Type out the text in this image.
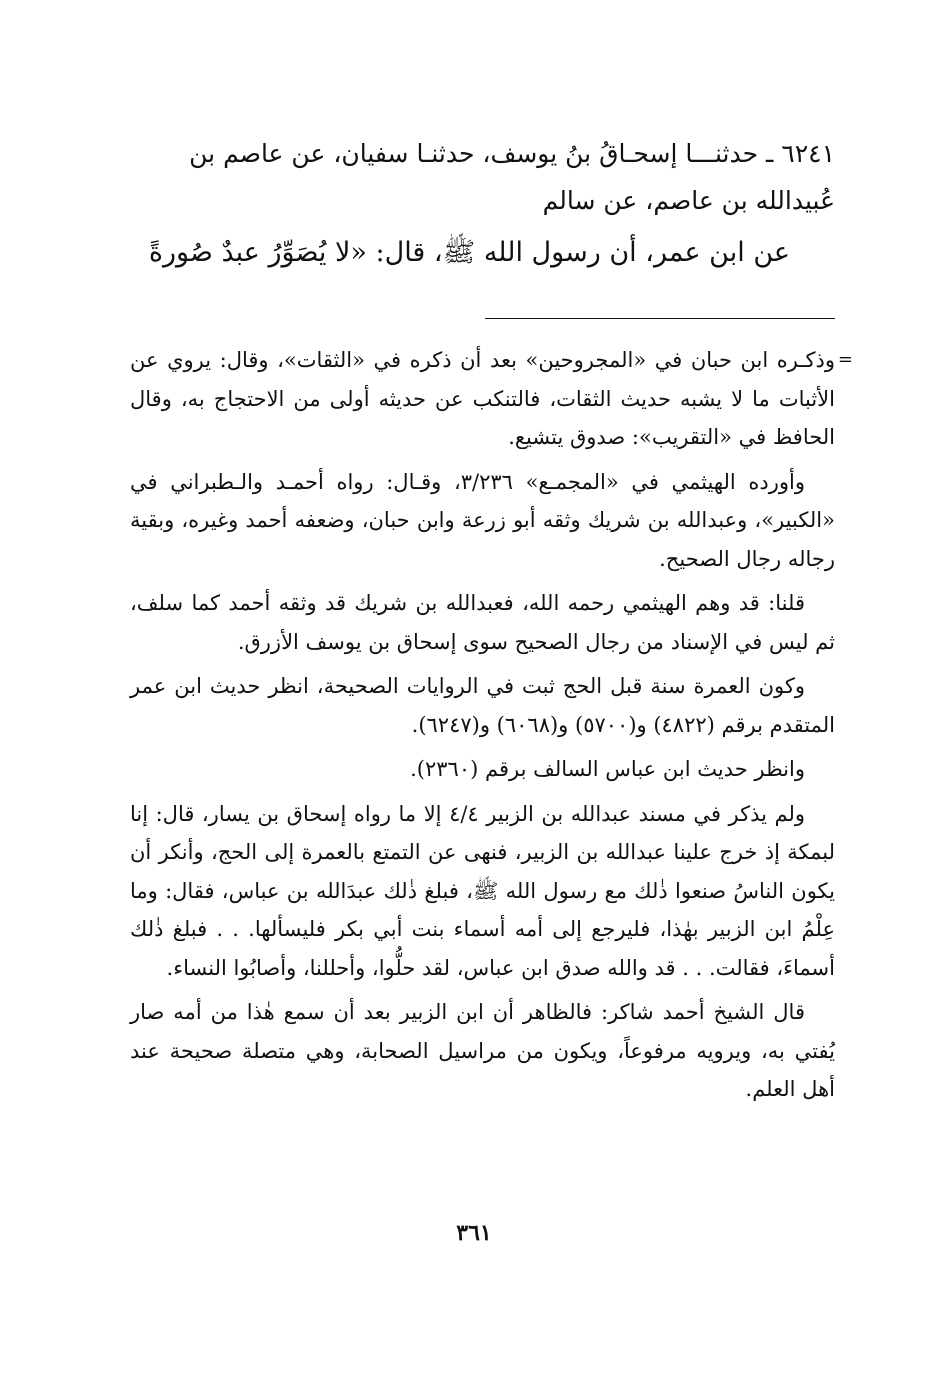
٦٢٤١ ـ حدثنـــا إسحـاقُ بنُ يوسف، حدثنـا سفيان، عن عاصم بن
عُبيدالله بن عاصم، عن سالم
عن ابن عمر، أن رسول الله ﷺ، قال: «لا يُصَوِّرُ عبدٌ صُورةً

=
وذكـره ابن حبان في «المجروحين» بعد أن ذكره في «الثقات»، وقال: يروي عن الأثبات ما لا يشبه حديث الثقات، فالتنكب عن حديثه أولى من الاحتجاج به، وقال الحافظ في «التقريب»: صدوق يتشيع.

وأورده الهيثمي في «المجمـع» ٣/٢٣٦، وقـال: رواه أحمـد والـطبراني في «الكبير»، وعبدالله بن شريك وثقه أبو زرعة وابن حبان، وضعفه أحمد وغيره، وبقية رجاله رجال الصحيح.

قلنا: قد وهم الهيثمي رحمه الله، فعبدالله بن شريك قد وثقه أحمد كما سلف، ثم ليس في الإسناد من رجال الصحيح سوى إسحاق بن يوسف الأزرق.

وكون العمرة سنة قبل الحج ثبت في الروايات الصحيحة، انظر حديث ابن عمر المتقدم برقم (٤٨٢٢) و(٥٧٠٠) و(٦٠٦٨) و(٦٢٤٧).

وانظر حديث ابن عباس السالف برقم (٢٣٦٠).

ولم يذكر في مسند عبدالله بن الزبير ٤/٤ إلا ما رواه إسحاق بن يسار، قال: إنا لبمكة إذ خرج علينا عبدالله بن الزبير، فنهى عن التمتع بالعمرة إلى الحج، وأنكر أن يكون الناسُ صنعوا ذٰلك مع رسول الله ﷺ، فبلغ ذٰلك عبدَالله بن عباس، فقال: وما عِلْمُ ابن الزبير بهٰذا، فليرجع إلى أمه أسماء بنت أبي بكر فليسألها. . . فبلغ ذٰلك أسماءَ، فقالت. . . قد والله صدق ابن عباس، لقد حلُّوا، وأحللنا، وأصابُوا النساء.

قال الشيخ أحمد شاكر: فالظاهر أن ابن الزبير بعد أن سمع هٰذا من أمه صار يُفتي به، ويرويه مرفوعاً، ويكون من مراسيل الصحابة، وهي متصلة صحيحة عند أهل العلم.

٣٦١
